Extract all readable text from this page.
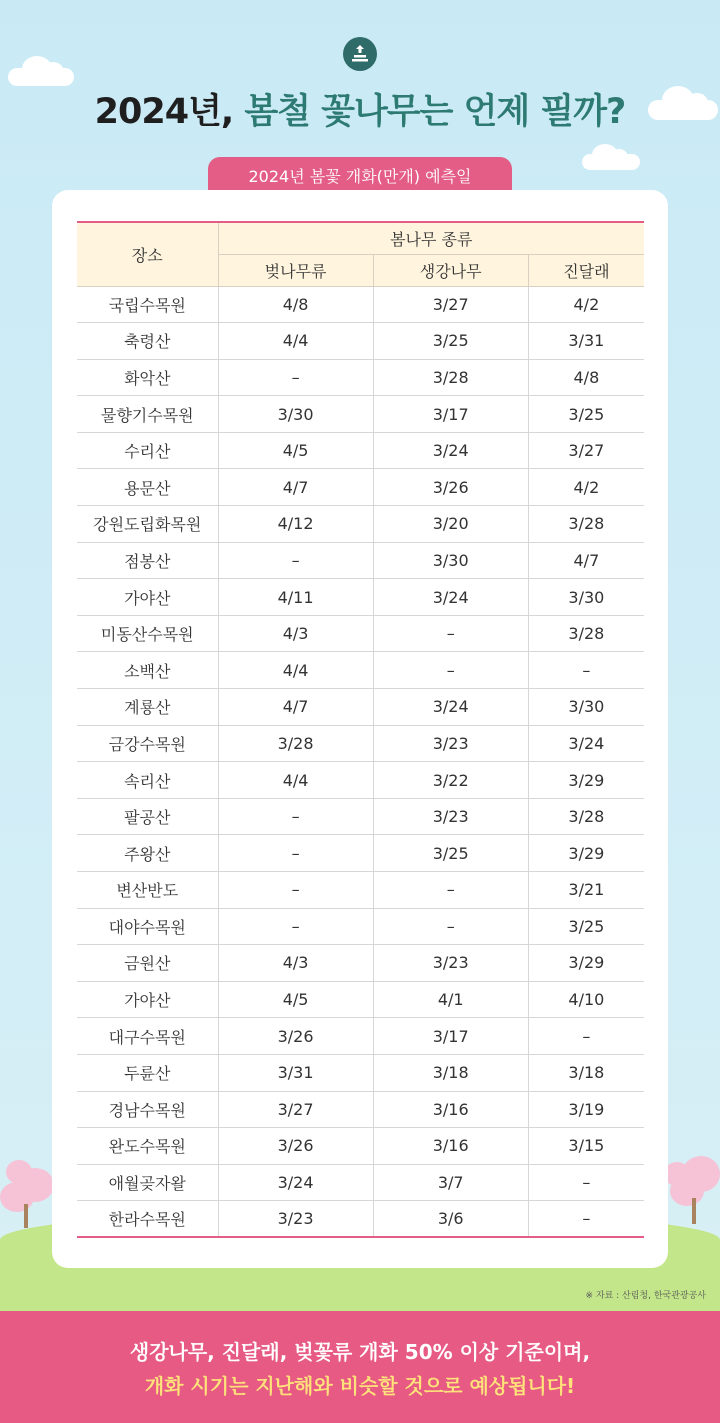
2024년, 봄철 꽃나무는 언제 필까?
2024년 봄꽃 개화(만개) 예측일
장소	봄나무 종류		
	벚나무류	생강나무	진달래
국립수목원	4/8	3/27	4/2
축령산	4/4	3/25	3/31
화악산	–	3/28	4/8
물향기수목원	3/30	3/17	3/25
수리산	4/5	3/24	3/27
용문산	4/7	3/26	4/2
강원도립화목원	4/12	3/20	3/28
점봉산	–	3/30	4/7
가야산	4/11	3/24	3/30
미동산수목원	4/3	–	3/28
소백산	4/4	–	–
계룡산	4/7	3/24	3/30
금강수목원	3/28	3/23	3/24
속리산	4/4	3/22	3/29
팔공산	–	3/23	3/28
주왕산	–	3/25	3/29
변산반도	–	–	3/21
대야수목원	–	–	3/25
금원산	4/3	3/23	3/29
가야산	4/5	4/1	4/10
대구수목원	3/26	3/17	–
두륜산	3/31	3/18	3/18
경남수목원	3/27	3/16	3/19
완도수목원	3/26	3/16	3/15
애월곶자왈	3/24	3/7	–
한라수목원	3/23	3/6	–
※ 자료 : 산림청, 한국관광공사
생강나무, 진달래, 벚꽃류 개화 50% 이상 기준이며,
개화 시기는 지난해와 비슷할 것으로 예상됩니다!
